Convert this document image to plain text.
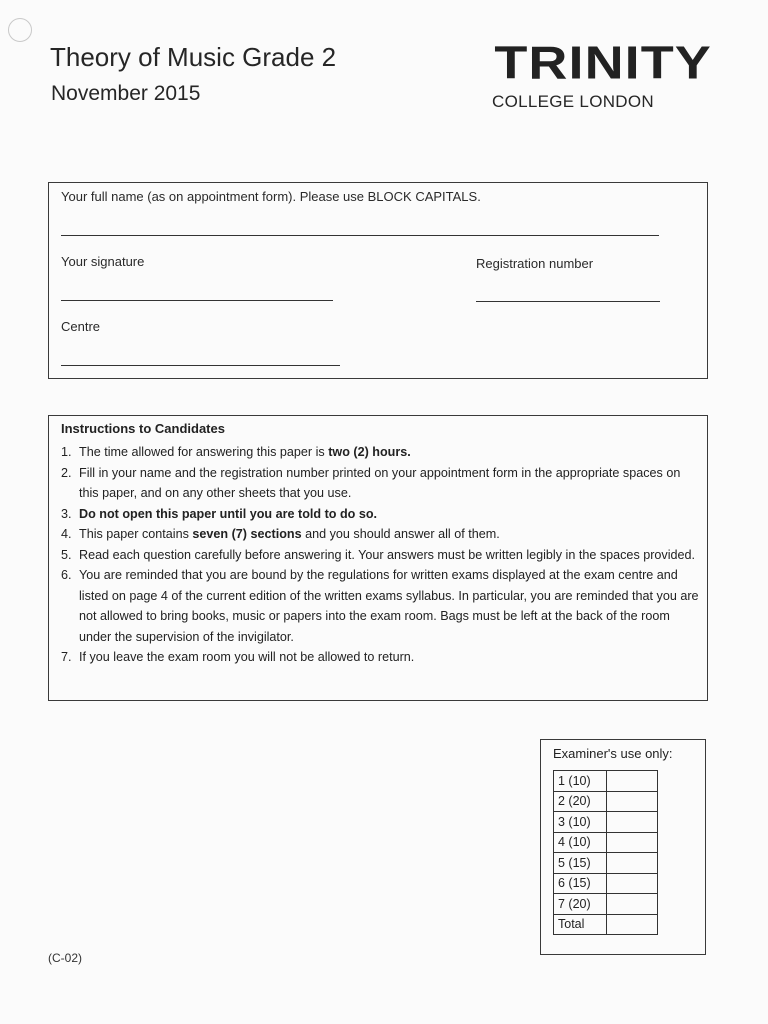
Theory of Music Grade 2
November 2015
TRINITY
COLLEGE LONDON
Your full name (as on appointment form). Please use BLOCK CAPITALS.
Your signature	Registration number
Centre
Instructions to Candidates
1. The time allowed for answering this paper is two (2) hours.
2. Fill in your name and the registration number printed on your appointment form in the appropriate spaces on this paper, and on any other sheets that you use.
3. Do not open this paper until you are told to do so.
4. This paper contains seven (7) sections and you should answer all of them.
5. Read each question carefully before answering it. Your answers must be written legibly in the spaces provided.
6. You are reminded that you are bound by the regulations for written exams displayed at the exam centre and listed on page 4 of the current edition of the written exams syllabus. In particular, you are reminded that you are not allowed to bring books, music or papers into the exam room. Bags must be left at the back of the room under the supervision of the invigilator.
7. If you leave the exam room you will not be allowed to return.
Examiner's use only:
1 (10)	
2 (20)	
3 (10)	
4 (10)	
5 (15)	
6 (15)	
7 (20)	
Total	
(C-02)
